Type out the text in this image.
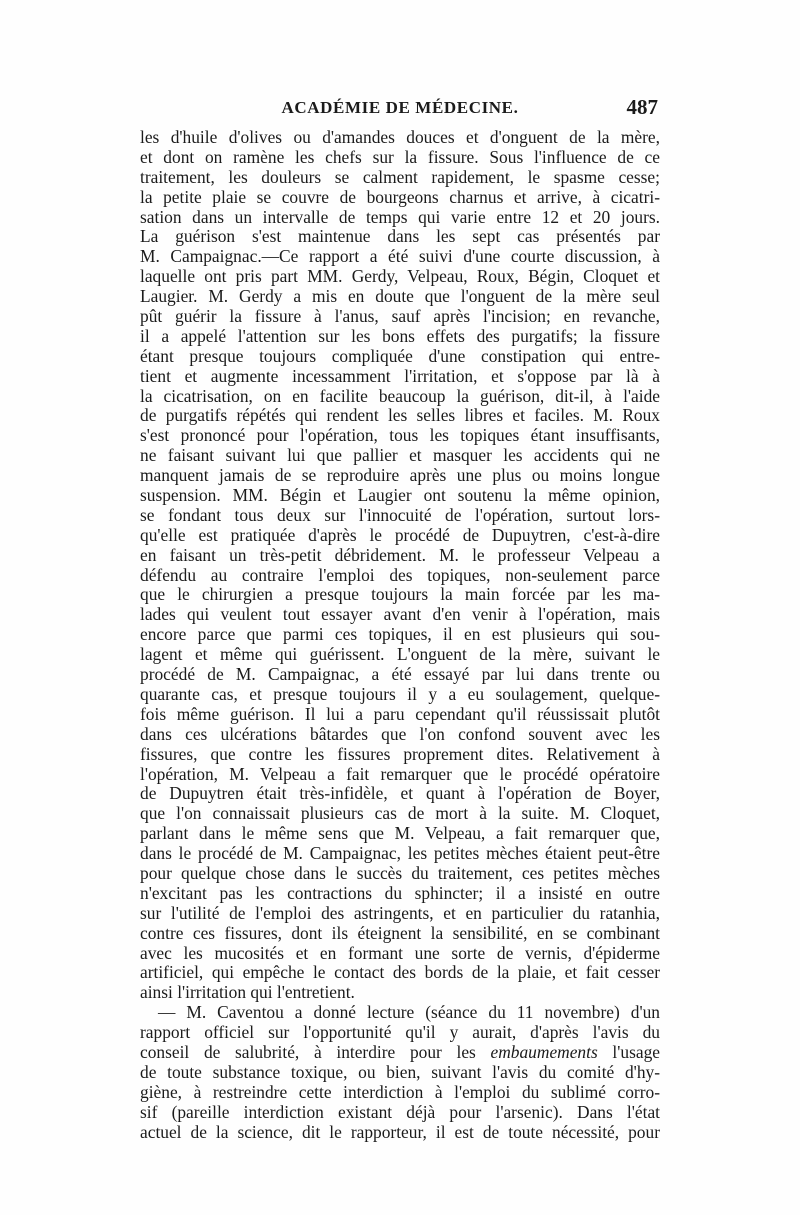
ACADÉMIE DE MÉDECINE.	487
les d'huile d'olives ou d'amandes douces et d'onguent de la mère,
et dont on ramène les chefs sur la fissure. Sous l'influence de ce
traitement, les douleurs se calment rapidement, le spasme cesse;
la petite plaie se couvre de bourgeons charnus et arrive, à cicatri-
sation dans un intervalle de temps qui varie entre 12 et 20 jours.
La guérison s'est maintenue dans les sept cas présentés par
M. Campaignac.—Ce rapport a été suivi d'une courte discussion, à
laquelle ont pris part MM. Gerdy, Velpeau, Roux, Bégin, Cloquet et
Laugier. M. Gerdy a mis en doute que l'onguent de la mère seul
pût guérir la fissure à l'anus, sauf après l'incision; en revanche,
il a appelé l'attention sur les bons effets des purgatifs; la fissure
étant presque toujours compliquée d'une constipation qui entre-
tient et augmente incessamment l'irritation, et s'oppose par là à
la cicatrisation, on en facilite beaucoup la guérison, dit-il, à l'aide
de purgatifs répétés qui rendent les selles libres et faciles. M. Roux
s'est prononcé pour l'opération, tous les topiques étant insuffisants,
ne faisant suivant lui que pallier et masquer les accidents qui ne
manquent jamais de se reproduire après une plus ou moins longue
suspension. MM. Bégin et Laugier ont soutenu la même opinion,
se fondant tous deux sur l'innocuité de l'opération, surtout lors-
qu'elle est pratiquée d'après le procédé de Dupuytren, c'est-à-dire
en faisant un très-petit débridement. M. le professeur Velpeau a
défendu au contraire l'emploi des topiques, non-seulement parce
que le chirurgien a presque toujours la main forcée par les ma-
lades qui veulent tout essayer avant d'en venir à l'opération, mais
encore parce que parmi ces topiques, il en est plusieurs qui sou-
lagent et même qui guérissent. L'onguent de la mère, suivant le
procédé de M. Campaignac, a été essayé par lui dans trente ou
quarante cas, et presque toujours il y a eu soulagement, quelque-
fois même guérison. Il lui a paru cependant qu'il réussissait plutôt
dans ces ulcérations bâtardes que l'on confond souvent avec les
fissures, que contre les fissures proprement dites. Relativement à
l'opération, M. Velpeau a fait remarquer que le procédé opératoire
de Dupuytren était très-infidèle, et quant à l'opération de Boyer,
que l'on connaissait plusieurs cas de mort à la suite. M. Cloquet,
parlant dans le même sens que M. Velpeau, a fait remarquer que,
dans le procédé de M. Campaignac, les petites mèches étaient peut-être
pour quelque chose dans le succès du traitement, ces petites mèches
n'excitant pas les contractions du sphincter; il a insisté en outre
sur l'utilité de l'emploi des astringents, et en particulier du ratanhia,
contre ces fissures, dont ils éteignent la sensibilité, en se combinant
avec les mucosités et en formant une sorte de vernis, d'épiderme
artificiel, qui empêche le contact des bords de la plaie, et fait cesser
ainsi l'irritation qui l'entretient.
— M. Caventou a donné lecture (séance du 11 novembre) d'un
rapport officiel sur l'opportunité qu'il y aurait, d'après l'avis du
conseil de salubrité, à interdire pour les embaumements l'usage
de toute substance toxique, ou bien, suivant l'avis du comité d'hy-
giène, à restreindre cette interdiction à l'emploi du sublimé corro-
sif (pareille interdiction existant déjà pour l'arsenic). Dans l'état
actuel de la science, dit le rapporteur, il est de toute nécessité, pour
